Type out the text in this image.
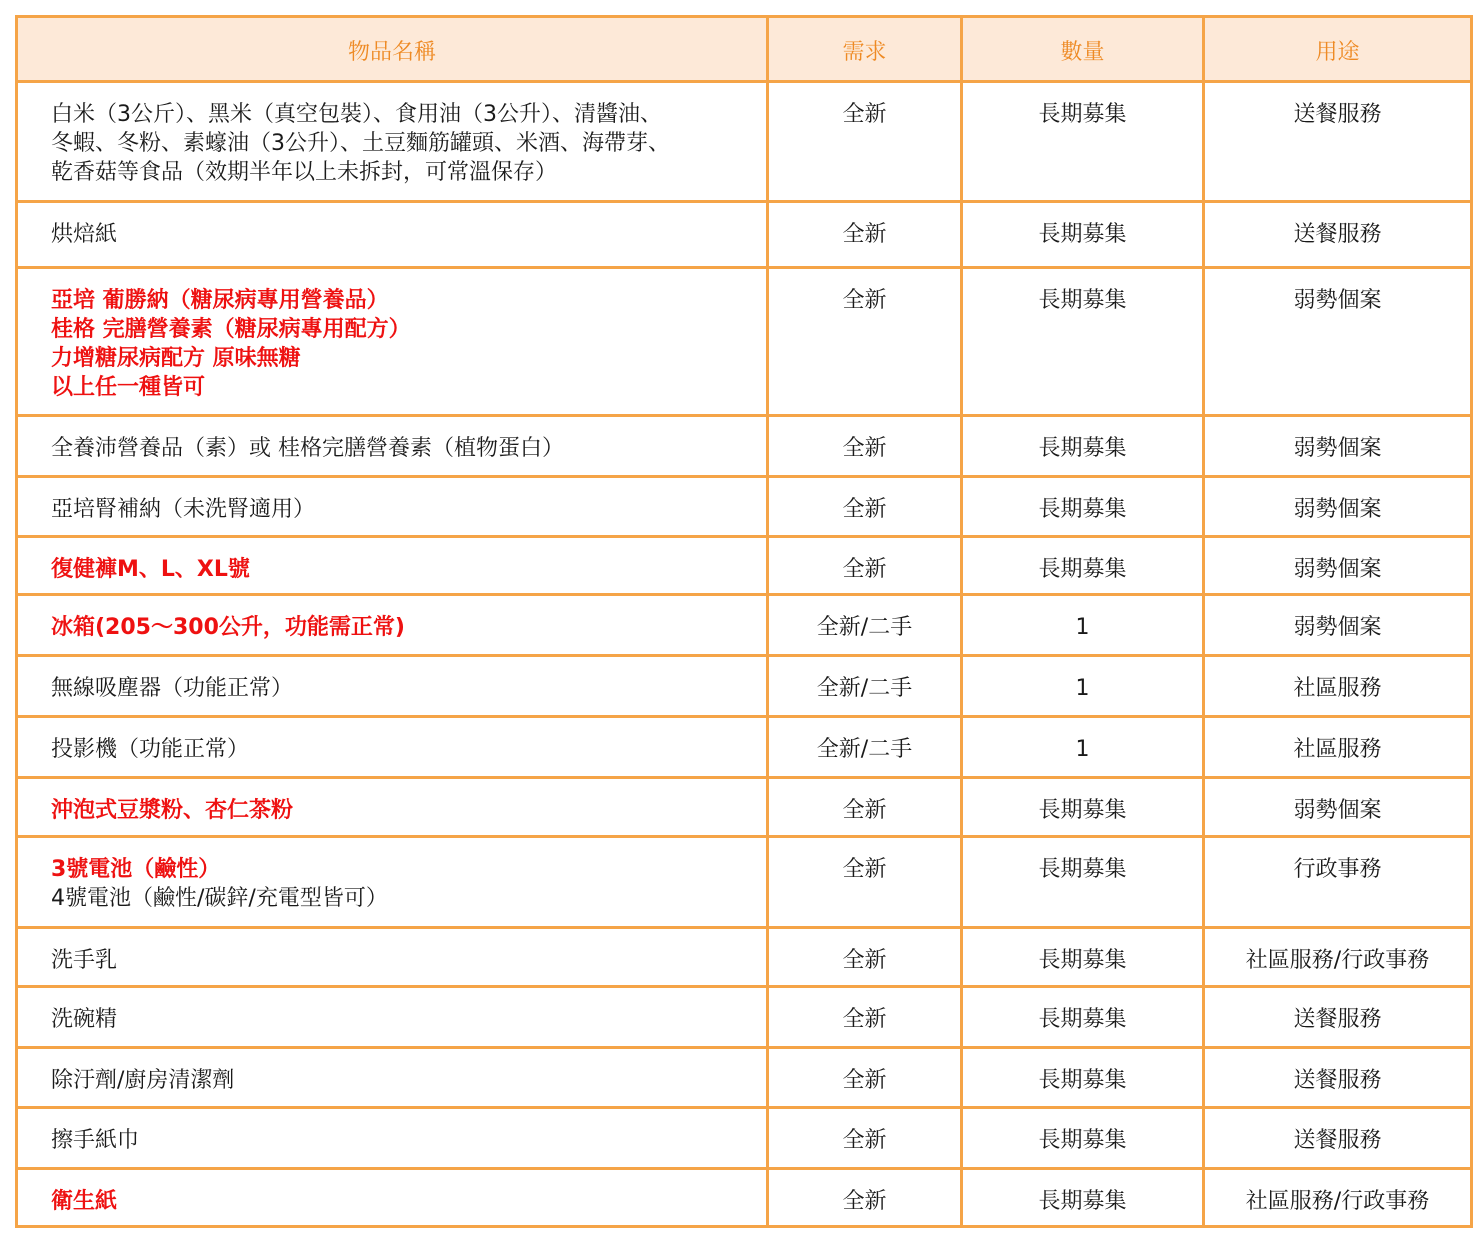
物品名稱	需求	數量	用途

白米（3公斤）、黑米（真空包裝）、食用油（3公升）、清醬油、
冬蝦、冬粉、素蠔油（3公升）、土豆麵筋罐頭、米酒、海帶芽、
乾香菇等食品（效期半年以上未拆封，可常溫保存）	全新	長期募集	送餐服務

烘焙紙	全新	長期募集	送餐服務

亞培 葡勝納（糖尿病專用營養品）
桂格 完膳營養素（糖尿病專用配方）
力增糖尿病配方 原味無糖
以上任一種皆可	全新	長期募集	弱勢個案

全養沛營養品（素）或 桂格完膳營養素（植物蛋白）	全新	長期募集	弱勢個案

亞培腎補納（未洗腎適用）	全新	長期募集	弱勢個案

復健褲M、L、XL號	全新	長期募集	弱勢個案

冰箱(205～300公升，功能需正常)	全新/二手	1	弱勢個案

無線吸塵器（功能正常）	全新/二手	1	社區服務

投影機（功能正常）	全新/二手	1	社區服務

沖泡式豆漿粉、杏仁茶粉	全新	長期募集	弱勢個案

3號電池（鹼性）
4號電池（鹼性/碳鋅/充電型皆可）	全新	長期募集	行政事務

洗手乳	全新	長期募集	社區服務/行政事務

洗碗精	全新	長期募集	送餐服務

除汙劑/廚房清潔劑	全新	長期募集	送餐服務

擦手紙巾	全新	長期募集	送餐服務

衛生紙	全新	長期募集	社區服務/行政事務
